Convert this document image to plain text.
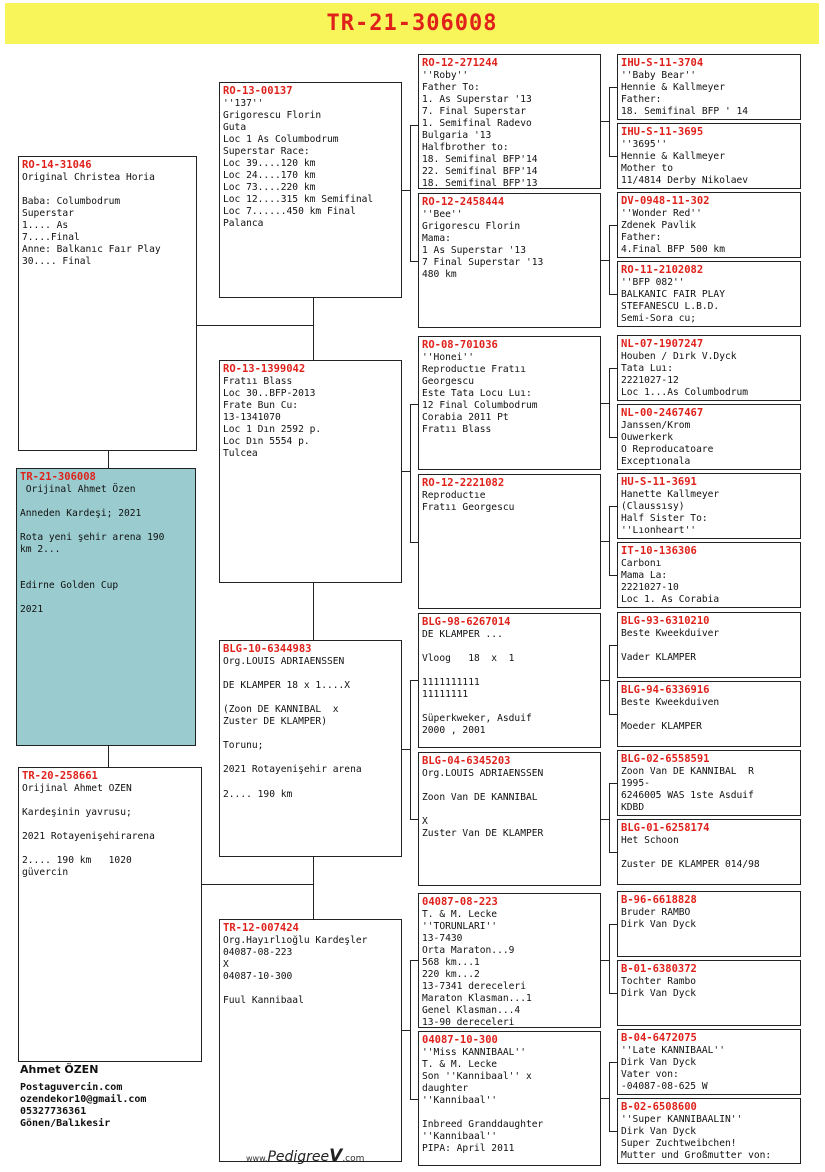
TR-21-306008
RO-14-31046
Original Christea Horia

Baba: Columbodrum
Superstar
1.... As
7....Final
Anne: Balkanıc Faır Play
30.... Final
TR-21-306008
Orijinal Ahmet Özen

Anneden Kardeşi; 2021

Rota yeni şehir arena 190
km 2...

Edirne Golden Cup

2021
TR-20-258661
Orijinal Ahmet OZEN

Kardeşinin yavrusu;

2021 Rotayenişehirarena

2.... 190 km   1020
güvercin
RO-13-00137
''137''
Grigorescu Florin
Guta
Loc 1 As Columbodrum
Superstar Race:
Loc 39....120 km
Loc 24....170 km
Loc 73....220 km
Loc 12....315 km Semifinal
Loc 7......450 km Final
Palanca
RO-13-1399042
Fratıı Blass
Loc 30..BFP-2013
Frate Bun Cu:
13-1341070
Loc 1 Dın 2592 p.
Loc Dın 5554 p.
Tulcea
BLG-10-6344983
Org.LOUIS ADRIAENSSEN

DE KLAMPER 18 x 1....X

(Zoon DE KANNIBAL  x
Zuster DE KLAMPER)

Torunu;

2021 Rotayenişehir arena

2.... 190 km
TR-12-007424
Org.Hayırlıoğlu Kardeşler
04087-08-223
X
04087-10-300

Fuul Kannibaal
RO-12-271244
''Roby''
Father To:
1. As Superstar '13
7. Final Superstar
1. Semifinal Radevo
Bulgaria '13
Halfbrother to:
18. Semifinal BFP'14
22. Semifinal BFP'14
18. Semifinal BFP'13
RO-12-2458444
''Bee''
Grigorescu Florin
Mama:
1 As Superstar '13
7 Final Superstar '13
480 km
RO-08-701036
''Honei''
Reproductıe Fratıı
Georgescu
Este Tata Locu Luı:
12 Final Columbodrum
Corabia 2011 Pt
Fratıı Blass
RO-12-2221082
Reproductıe
Fratıı Georgescu
BLG-98-6267014
DE KLAMPER ...

Vloog   18  x  1

1111111111
11111111

Süperkweker, Asduif
2000 , 2001
BLG-04-6345203
Org.LOUIS ADRIAENSSEN

Zoon Van DE KANNIBAL

X
Zuster Van DE KLAMPER
04087-08-223
T. & M. Lecke
''TORUNLARI''
13-7430
Orta Maraton...9
568 km...1
220 km...2
13-7341 dereceleri
Maraton Klasman...1
Genel Klasman...4
13-90 dereceleri
04087-10-300
''Miss KANNIBAAL''
T. & M. Lecke
Son ''Kannibaal'' x
daughter
''Kannibaal''

Inbreed Granddaughter
''Kannibaal''
PIPA: April 2011
IHU-S-11-3704
''Baby Bear''
Hennie & Kallmeyer
Father:
18. Semifinal BFP ' 14
IHU-S-11-3695
''3695''
Hennie & Kallmeyer
Mother to
11/4814 Derby Nikolaev
DV-0948-11-302
''Wonder Red''
Zdenek Pavlik
Father:
4.Final BFP 500 km
RO-11-2102082
''BFP 082''
BALKANIC FAIR PLAY
STEFANESCU L.B.D.
Semi-Sora cu;
NL-07-1907247
Houben / Dırk V.Dyck
Tata Luı:
2221027-12
Loc 1...As Columbodrum
NL-00-2467467
Janssen/Krom
Ouwerkerk
O Reproducatoare
Exceptıonala
HU-S-11-3691
Hanette Kallmeyer
(Claussısy)
Half Sister To:
''Lıonheart''
IT-10-136306
Carbonı
Mama La:
2221027-10
Loc 1. As Corabia
BLG-93-6310210
Beste Kweekduiver

Vader KLAMPER
BLG-94-6336916
Beste Kweekduiven

Moeder KLAMPER
BLG-02-6558591
Zoon Van DE KANNIBAL  R
1995-
6246005 WAS 1ste Asduif
KDBD
BLG-01-6258174
Het Schoon

Zuster DE KLAMPER 014/98
B-96-6618828
Bruder RAMBO
Dirk Van Dyck
B-01-6380372
Tochter Rambo
Dirk Van Dyck
B-04-6472075
''Late KANNIBAAL''
Dirk Van Dyck
Vater von:
-04087-08-625 W
B-02-6508600
''Super KANNIBAALIN''
Dirk Van Dyck
Super Zuchtweibchen!
Mutter und Großmutter von:
Ahmet ÖZEN
Postaguvercin.com
ozendekor10@gmail.com
05327736361
Gönen/Balıkesir
www.PedigreeV.com
